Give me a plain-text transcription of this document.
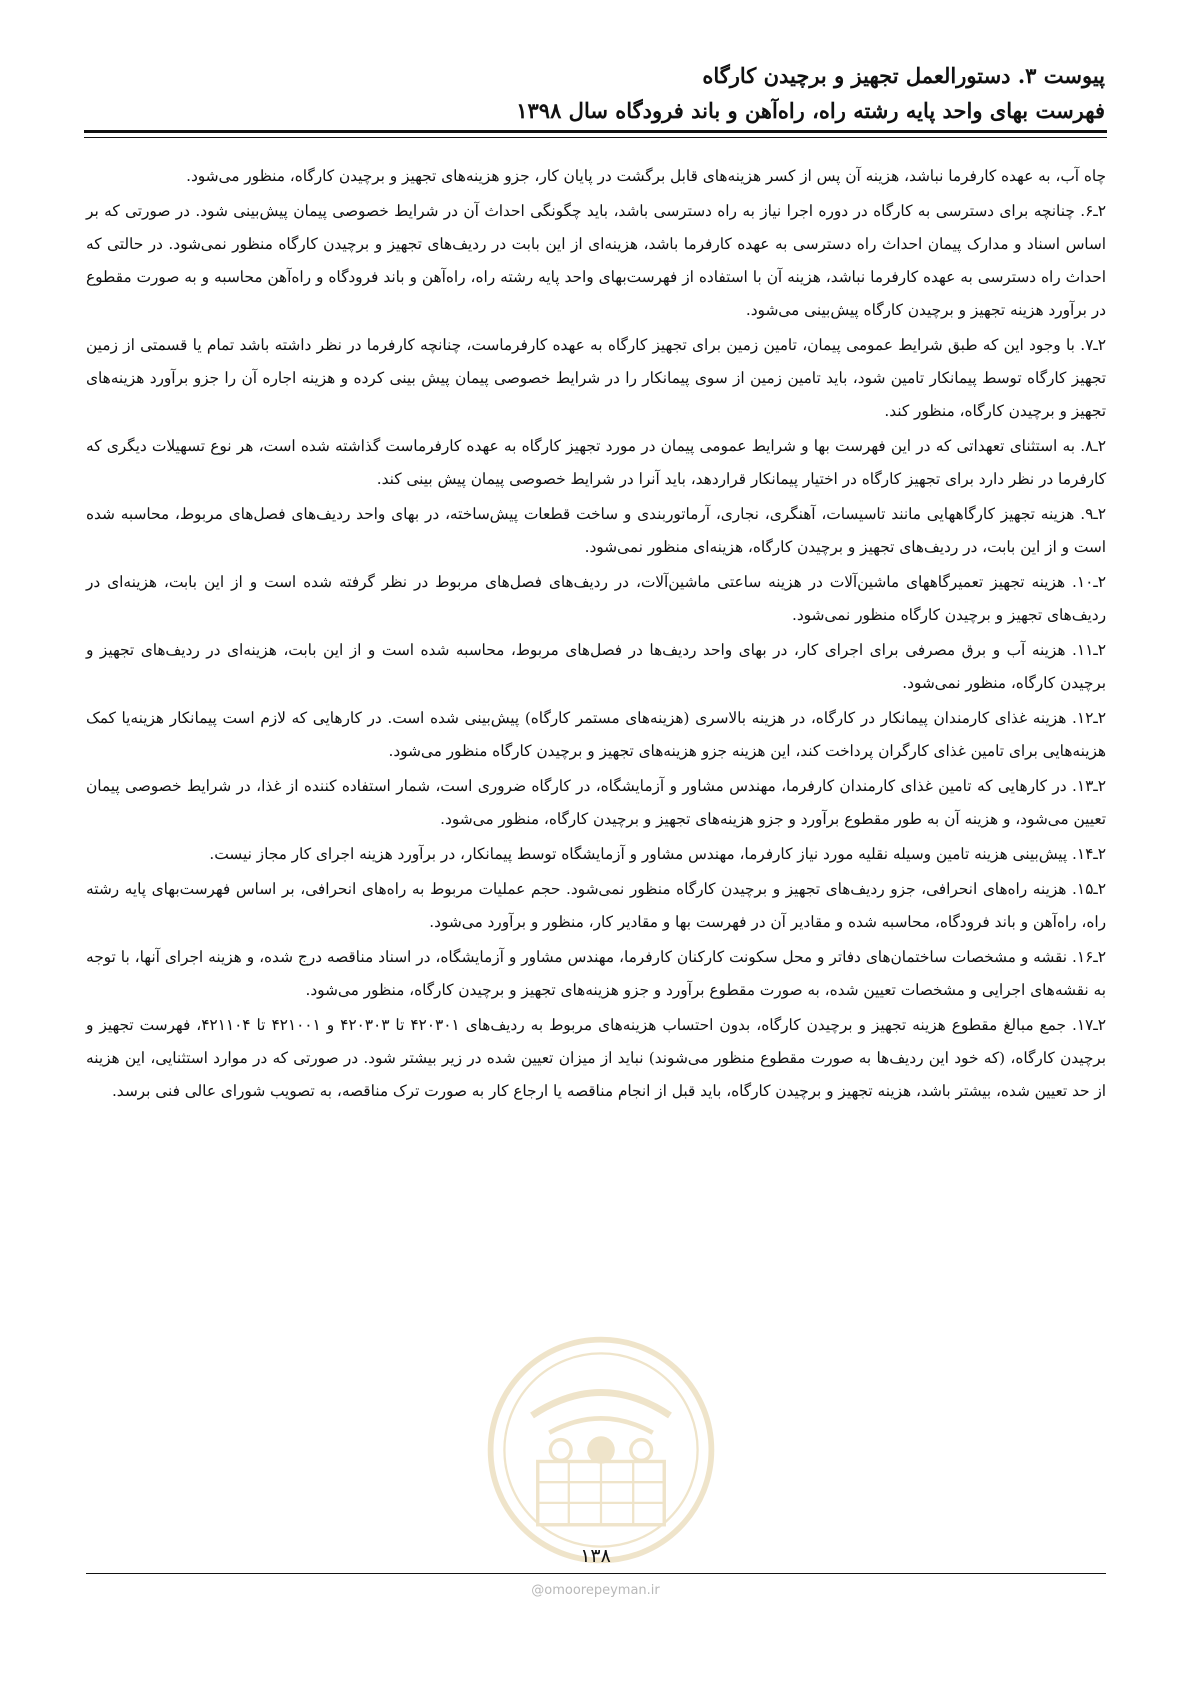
پیوست ۳. دستورالعمل تجهیز و برچیدن کارگاه
فهرست بهای واحد پایه رشته راه، راه‌آهن و باند فرودگاه سال ۱۳۹۸

چاه آب، به عهده کارفرما نباشد، هزینه آن پس از کسر هزینه‌های قابل برگشت در پایان کار، جزو هزینه‌های تجهیز و برچیدن کارگاه، منظور می‌شود.

۲ـ۶. چنانچه برای دسترسی به کارگاه در دوره اجرا نیاز به راه دسترسی باشد، باید چگونگی احداث آن در شرایط خصوصی پیمان پیش‌بینی شود. در صورتی که بر اساس اسناد و مدارک پیمان احداث راه دسترسی به عهده کارفرما باشد، هزینه‌ای از این بابت در ردیف‌های تجهیز و برچیدن کارگاه منظور نمی‌شود. در حالتی که احداث راه دسترسی به عهده کارفرما نباشد، هزینه آن با استفاده از فهرست‌بهای واحد پایه رشته راه، راه‌آهن و باند فرودگاه و راه‌آهن محاسبه و به صورت مقطوع در برآورد هزینه تجهیز و برچیدن کارگاه پیش‌بینی می‌شود.

۲ـ۷. با وجود این که طبق شرایط عمومی پیمان، تامین زمین برای تجهیز کارگاه به عهده کارفرماست، چنانچه کارفرما در نظر داشته باشد تمام یا قسمتی از زمین تجهیز کارگاه توسط پیمانکار تامین شود، باید تامین زمین از سوی پیمانکار را در شرایط خصوصی پیمان پیش بینی کرده و هزینه اجاره آن را جزو برآورد هزینه‌های تجهیز و برچیدن کارگاه، منظور کند.

۲ـ۸. به استثنای تعهداتی که در این فهرست بها و شرایط عمومی پیمان در مورد تجهیز کارگاه به عهده کارفرماست گذاشته شده است، هر نوع تسهیلات دیگری که کارفرما در نظر دارد برای تجهیز کارگاه در اختیار پیمانکار قراردهد، باید آنرا در شرایط خصوصی پیمان پیش بینی کند.

۲ـ۹. هزینه تجهیز کارگاههایی مانند تاسیسات، آهنگری، نجاری، آرماتوربندی و ساخت قطعات پیش‌ساخته، در بهای واحد ردیف‌های فصل‌های مربوط، محاسبه شده است و از این بابت، در ردیف‌های تجهیز و برچیدن کارگاه، هزینه‌ای منظور نمی‌شود.

۲ـ۱۰. هزینه تجهیز تعمیرگاههای ماشین‌آلات در هزینه ساعتی ماشین‌آلات، در ردیف‌های فصل‌های مربوط در نظر گرفته شده است و از این بابت، هزینه‌ای در ردیف‌های تجهیز و برچیدن کارگاه منظور نمی‌شود.

۲ـ۱۱. هزینه آب و برق مصرفی برای اجرای کار، در بهای واحد ردیف‌ها در فصل‌های مربوط، محاسبه شده است و از این بابت، هزینه‌ای در ردیف‌های تجهیز و برچیدن کارگاه، منظور نمی‌شود.

۲ـ۱۲. هزینه غذای کارمندان پیمانکار در کارگاه، در هزینه بالاسری (هزینه‌های مستمر کارگاه) پیش‌بینی شده است. در کارهایی که لازم است پیمانکار هزینه‌یا کمک هزینه‌هایی برای تامین غذای کارگران پرداخت کند، این هزینه جزو هزینه‌های تجهیز و برچیدن کارگاه منظور می‌شود.

۲ـ۱۳. در کارهایی که تامین غذای کارمندان کارفرما، مهندس مشاور و آزمایشگاه، در کارگاه ضروری است، شمار استفاده کننده از غذا، در شرایط خصوصی پیمان تعیین می‌شود، و هزینه آن به طور مقطوع برآورد و جزو هزینه‌های تجهیز و برچیدن کارگاه، منظور می‌شود.

۲ـ۱۴. پیش‌بینی هزینه تامین وسیله نقلیه مورد نیاز کارفرما، مهندس مشاور و آزمایشگاه توسط پیمانکار، در برآورد هزینه اجرای کار مجاز نیست.

۲ـ۱۵. هزینه راه‌های انحرافی، جزو ردیف‌های تجهیز و برچیدن کارگاه منظور نمی‌شود. حجم عملیات مربوط به راه‌های انحرافی، بر اساس فهرست‌بهای پایه رشته راه، راه‌آهن و باند فرودگاه، محاسبه شده و مقادیر آن در فهرست بها و مقادیر کار، منظور و برآورد می‌شود.

۲ـ۱۶. نقشه و مشخصات ساختمان‌های دفاتر و محل سکونت کارکنان کارفرما، مهندس مشاور و آزمایشگاه، در اسناد مناقصه درج شده، و هزینه اجرای آنها، با توجه به نقشه‌های اجرایی و مشخصات تعیین شده، به صورت مقطوع برآورد و جزو هزینه‌های تجهیز و برچیدن کارگاه، منظور می‌شود.

۲ـ۱۷. جمع مبالغ مقطوع هزینه تجهیز و برچیدن کارگاه، بدون احتساب هزینه‌های مربوط به ردیف‌های ۴۲۰۳۰۱ تا ۴۲۰۳۰۳ و ۴۲۱۰۰۱ تا ۴۲۱۱۰۴، فهرست تجهیز و برچیدن کارگاه، (که خود این ردیف‌ها به صورت مقطوع منظور می‌شوند) نباید از میزان تعیین شده در زیر بیشتر شود. در صورتی که در موارد استثنایی، این هزینه از حد تعیین شده، بیشتر باشد، هزینه تجهیز و برچیدن کارگاه، باید قبل از انجام مناقصه یا ارجاع کار به صورت ترک مناقصه، به تصویب شورای عالی فنی برسد.

۱۳۸
@omoorepeyman.ir
